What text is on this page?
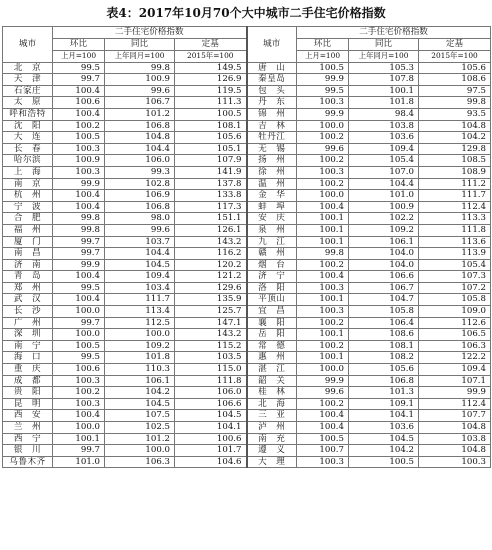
表4：2017年10月70个大中城市二手住宅价格指数
城市	二手住宅价格指数			城市	二手住宅价格指数		
	环比	同比	定基		环比	同比	定基
	上月=100	上年同月=100	2015年=100		上月=100	上年同月=100	2015年=100
北　京	99.5	99.8	149.5	唐　山	100.5	105.3	105.6
天　津	99.7	100.9	126.9	秦皇岛	99.9	107.8	108.6
石家庄	100.4	99.6	119.5	包　头	99.5	100.1	97.5
太　原	100.6	106.7	111.3	丹　东	100.3	101.8	99.8
呼和浩特	100.4	101.2	100.5	锦　州	99.9	98.4	93.5
沈　阳	100.2	106.8	108.1	吉　林	100.0	103.8	104.8
大　连	100.5	104.8	105.6	牡丹江	100.2	103.6	104.2
长　春	100.3	104.4	105.1	无　锡	99.6	109.4	129.8
哈尔滨	100.9	106.0	107.9	扬　州	100.2	105.4	108.5
上　海	100.3	99.3	141.9	徐　州	100.3	107.0	108.9
南　京	99.9	102.8	137.8	温　州	100.2	104.4	111.2
杭　州	100.4	106.9	133.8	金　华	100.0	101.0	111.7
宁　波	100.4	106.8	117.3	蚌　埠	100.4	100.9	112.4
合　肥	99.8	98.0	151.1	安　庆	100.1	102.2	113.3
福　州	99.8	99.6	126.1	泉　州	100.1	109.2	111.8
厦　门	99.7	103.7	143.2	九　江	100.1	106.1	113.6
南　昌	99.7	104.4	116.2	赣　州	99.8	104.0	113.9
济　南	99.9	104.5	120.2	烟　台	100.2	104.0	105.4
青　岛	100.4	109.4	121.2	济　宁	100.4	106.6	107.3
郑　州	99.5	103.4	129.6	洛　阳	100.3	106.7	107.2
武　汉	100.4	111.7	135.9	平顶山	100.1	104.7	105.8
长　沙	100.0	113.4	125.7	宜　昌	100.3	105.8	109.0
广　州	99.7	112.5	147.1	襄　阳	100.2	106.4	112.6
深　圳	100.0	100.0	143.2	岳　阳	100.1	108.6	106.5
南　宁	100.5	109.2	115.2	常　德	100.2	108.1	106.3
海　口	99.5	101.8	103.5	惠　州	100.1	108.2	122.2
重　庆	100.6	110.3	115.0	湛　江	100.0	105.6	109.4
成　都	100.3	106.1	111.8	韶　关	99.9	106.8	107.1
贵　阳	100.2	104.2	106.0	桂　林	99.6	101.3	99.9
昆　明	100.3	104.5	106.6	北　海	100.2	109.1	112.4
西　安	100.4	107.5	104.5	三　亚	100.4	104.1	107.7
兰　州	100.0	102.5	104.1	泸　州	100.4	103.6	104.8
西　宁	100.1	101.2	100.6	南　充	100.5	104.5	103.8
银　川	99.7	100.0	101.7	遵　义	100.7	104.2	104.8
乌鲁木齐	101.0	106.3	104.6	大　理	100.3	100.5	100.3
